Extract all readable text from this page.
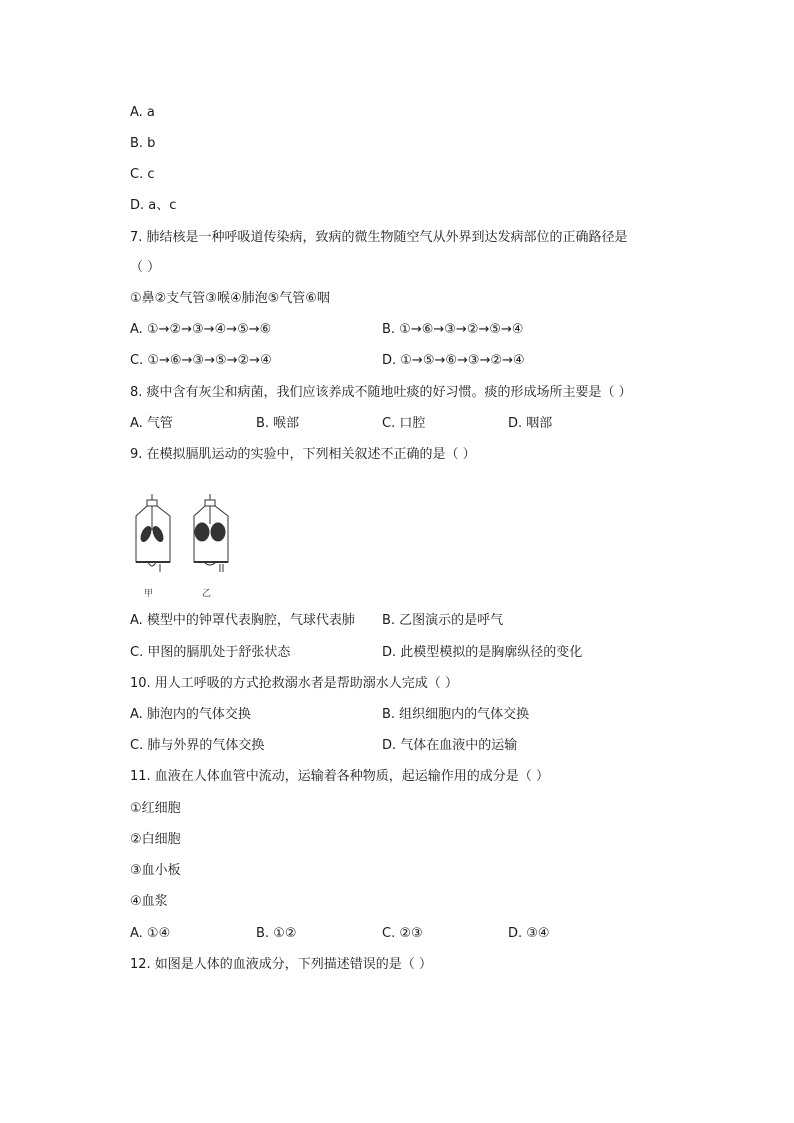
A. a
B. b
C. c
D. a、c
7. 肺结核是一种呼吸道传染病，致病的微生物随空气从外界到达发病部位的正确路径是
（ ）
①鼻②支气管③喉④肺泡⑤气管⑥咽
A. ①→②→③→④→⑤→⑥	B. ①→⑥→③→②→⑤→④
C. ①→⑥→③→⑤→②→④	D. ①→⑤→⑥→③→②→④
8. 痰中含有灰尘和病菌，我们应该养成不随地吐痰的好习惯。痰的形成场所主要是（ ）
A. 气管	B. 喉部	C. 口腔	D. 咽部
9. 在模拟膈肌运动的实验中，下列相关叙述不正确的是（ ）
甲	乙
A. 模型中的钟罩代表胸腔，气球代表肺 B. 乙图演示的是呼气
C. 甲图的膈肌处于舒张状态	D. 此模型模拟的是胸廓纵径的变化
10. 用人工呼吸的方式抢救溺水者是帮助溺水人完成（ ）
A. 肺泡内的气体交换	B. 组织细胞内的气体交换
C. 肺与外界的气体交换	D. 气体在血液中的运输
11. 血液在人体血管中流动，运输着各种物质，起运输作用的成分是（ ）
①红细胞
②白细胞
③血小板
④血浆
A. ①④	B. ①②	C. ②③	D. ③④
12. 如图是人体的血液成分，下列描述错误的是（ ）
